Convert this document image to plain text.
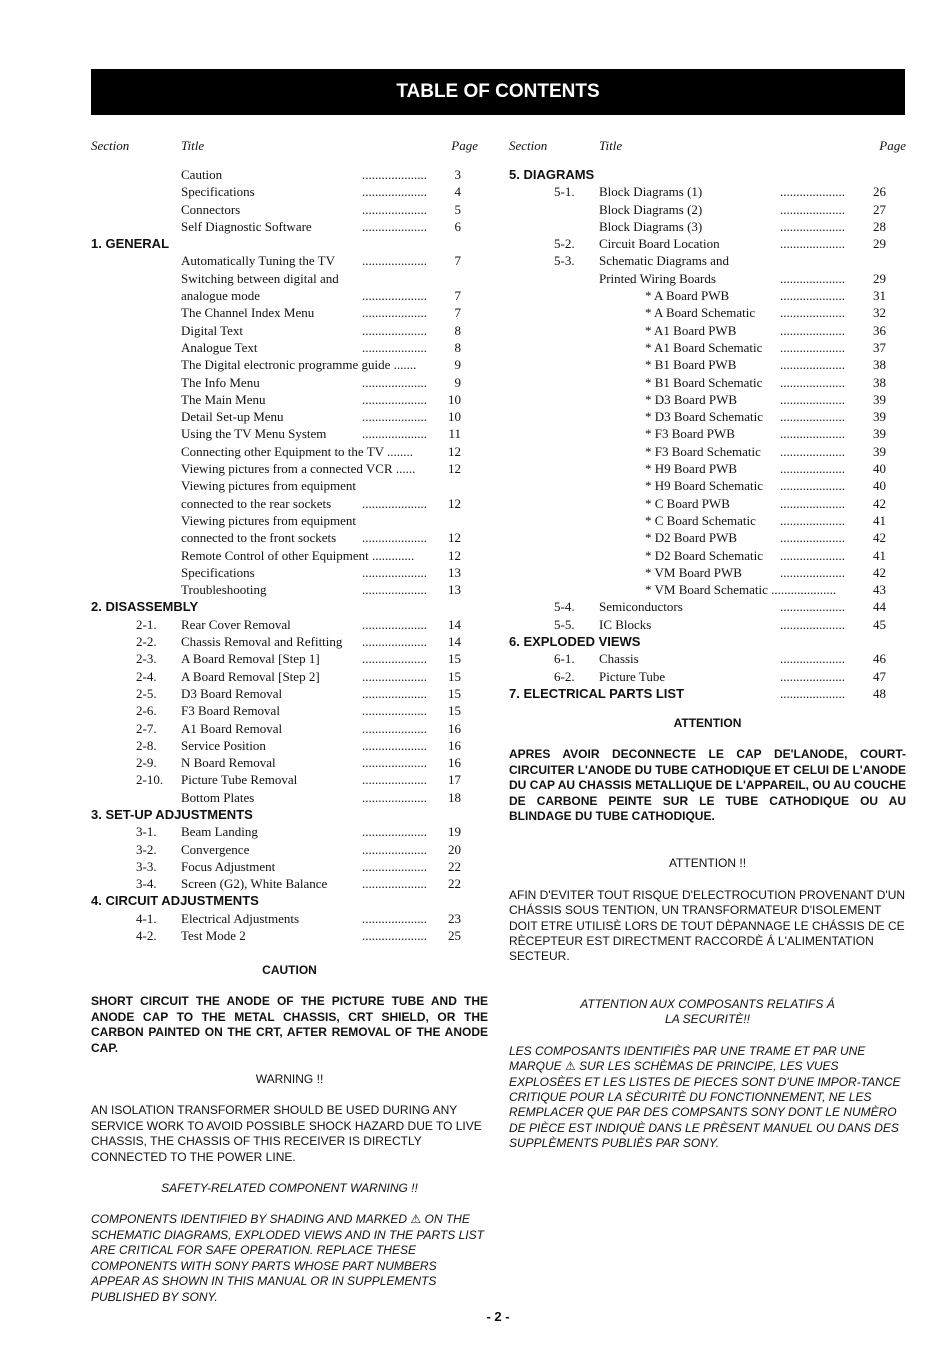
TABLE OF CONTENTS
Section	Title	Page
Caution	.................... 3
Specifications	.................... 4
Connectors	.................... 5
Self Diagnostic Software	.................... 6
1. GENERAL
Automatically Tuning the TV .................... 7
Switching between digital and
analogue mode	.................... 7
The Channel Index Menu	.................... 7
Digital Text	.................... 8
Analogue Text	.................... 8
The Digital electronic programme guide .......	9
The Info Menu	.................... 9
The Main Menu	.................... 10
Detail Set-up Menu	.................... 10
Using the TV Menu System	.................... 11
Connecting other Equipment to the TV ........	12
Viewing pictures from a connected VCR ......	12
Viewing pictures from equipment
connected to the rear sockets .................... 12
Viewing pictures from equipment
connected to the front sockets .................... 12
Remote Control of other Equipment .............	12
Specifications	.................... 13
Troubleshooting	.................... 13
2. DISASSEMBLY
2-1. Rear Cover Removal	.................... 14
2-2. Chassis Removal and Refitting .................... 14
2-3. A Board Removal [Step 1]	.................... 15
2-4. A Board Removal [Step 2]	.................... 15
2-5. D3 Board Removal	.................... 15
2-6. F3 Board Removal	.................... 15
2-7. A1 Board Removal	.................... 16
2-8. Service Position	.................... 16
2-9. N Board Removal	.................... 16
2-10. Picture Tube Removal	.................... 17
Bottom Plates	.................... 18
3. SET-UP ADJUSTMENTS
3-1. Beam Landing	.................... 19
3-2. Convergence	.................... 20
3-3. Focus Adjustment	.................... 22
3-4. Screen (G2), White Balance	.................... 22
4. CIRCUIT ADJUSTMENTS
4-1. Electrical Adjustments	.................... 23
4-2. Test Mode 2	.................... 25
Section	Title	Page
5. DIAGRAMS
5-1. Block Diagrams (1)	.................... 26
Block Diagrams (2)	.................... 27
Block Diagrams (3)	.................... 28
5-2. Circuit Board Location	.................... 29
5-3. Schematic Diagrams and
Printed Wiring Boards	.................... 29
* A Board PWB	.................... 31
* A Board Schematic .................... 32
* A1 Board PWB	.................... 36
* A1 Board Schematic .................... 37
* B1 Board PWB	.................... 38
* B1 Board Schematic .................... 38
* D3 Board PWB	.................... 39
* D3 Board Schematic .................... 39
* F3 Board PWB	.................... 39
* F3 Board Schematic .................... 39
* H9 Board PWB	.................... 40
* H9 Board Schematic .................... 40
* C Board PWB	.................... 42
* C Board Schematic .................... 41
* D2 Board PWB	.................... 42
* D2 Board Schematic .................... 41
* VM Board PWB	.................... 42
* VM Board Schematic ....................	43
5-4. Semiconductors	.................... 44
5-5. IC Blocks	.................... 45
6. EXPLODED VIEWS
6-1. Chassis	.................... 46
6-2. Picture Tube	.................... 47
7. ELECTRICAL PARTS LIST	.................... 48

CAUTION

SHORT CIRCUIT THE ANODE OF THE PICTURE TUBE AND THE ANODE CAP TO THE METAL CHASSIS, CRT SHIELD, OR THE CARBON PAINTED ON THE CRT, AFTER REMOVAL OF THE ANODE CAP.

WARNING !!

AN ISOLATION TRANSFORMER SHOULD BE USED DURING ANY SERVICE WORK TO AVOID POSSIBLE SHOCK HAZARD DUE TO LIVE CHASSIS, THE CHASSIS OF THIS RECEIVER IS DIRECTLY CONNECTED TO THE POWER LINE.

SAFETY-RELATED COMPONENT WARNING !!

COMPONENTS IDENTIFIED BY SHADING AND MARKED ⚠ ON THE SCHEMATIC DIAGRAMS, EXPLODED VIEWS AND IN THE PARTS LIST ARE CRITICAL FOR SAFE OPERATION. REPLACE THESE COMPONENTS WITH SONY PARTS WHOSE PART NUMBERS APPEAR AS SHOWN IN THIS MANUAL OR IN SUPPLEMENTS PUBLISHED BY SONY.

ATTENTION

APRES AVOIR DECONNECTE LE CAP DE'LANODE, COURT-CIRCUITER L'ANODE DU TUBE CATHODIQUE ET CELUI DE L'ANODE DU CAP AU CHASSIS METALLIQUE DE L'APPAREIL, OU AU COUCHE DE CARBONE PEINTE SUR LE TUBE CATHODIQUE OU AU BLINDAGE DU TUBE CATHODIQUE.

ATTENTION !!

AFIN D'EVITER TOUT RISQUE D'ELECTROCUTION PROVENANT D'UN CHÁSSIS SOUS TENTION, UN TRANSFORMATEUR D'ISOLEMENT DOIT ETRE UTILISÈ LORS DE TOUT DÈPANNAGE LE CHÁSSIS DE CE RÈCEPTEUR EST DIRECTMENT RACCORDÈ Á L'ALIMENTATION SECTEUR.

ATTENTION AUX COMPOSANTS RELATIFS Á

LA SECURITÈ!!

LES COMPOSANTS IDENTIFIÈS PAR UNE TRAME ET PAR UNE MARQUE ⚠ SUR LES SCHÈMAS DE PRINCIPE, LES VUES EXPLOSÈES ET LES LISTES DE PIECES SONT D'UNE IMPOR-TANCE CRITIQUE POUR LA SÈCURITÈ DU FONCTIONNEMENT, NE LES REMPLACER QUE PAR DES COMPSANTS SONY DONT LE NUMÈRO DE PIÈCE EST INDIQUÈ DANS LE PRÈSENT MANUEL OU DANS DES SUPPLÈMENTS PUBLIÈS PAR SONY.

- 2 -
